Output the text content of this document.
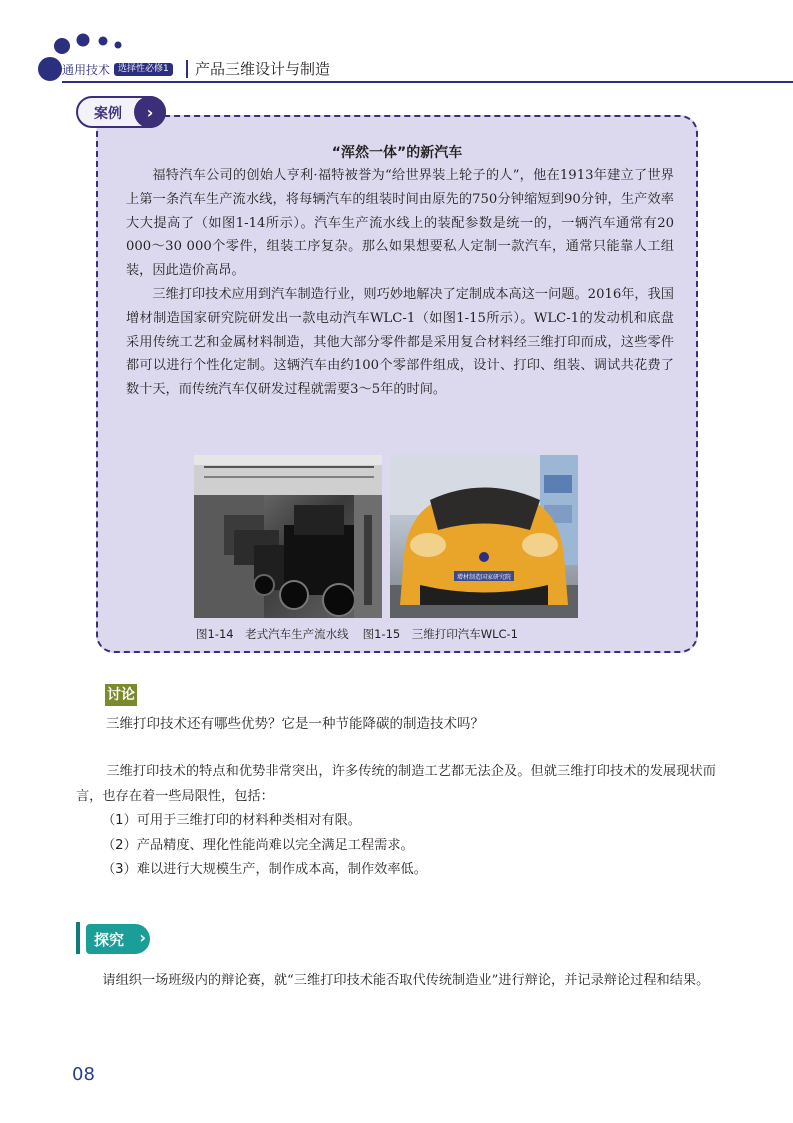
通用技术 选择性必修1 产品三维设计与制造
案例	›
“浑然一体”的新汽车

福特汽车公司的创始人亨利·福特被誉为“给世界装上轮子的人”，他在1913年建立了世界上第一条汽车生产流水线，将每辆汽车的组装时间由原先的750分钟缩短到90分钟，生产效率大大提高了（如图1-14所示）。汽车生产流水线上的装配参数是统一的，一辆汽车通常有20 000～30 000个零件，组装工序复杂。那么如果想要私人定制一款汽车，通常只能靠人工组装，因此造价高昂。

三维打印技术应用到汽车制造行业，则巧妙地解决了定制成本高这一问题。2016年，我国增材制造国家研究院研发出一款电动汽车WLC-1（如图1-15所示）。WLC-1的发动机和底盘采用传统工艺和金属材料制造，其他大部分零件都是采用复合材料经三维打印而成，这些零件都可以进行个性化定制。这辆汽车由约100个零部件组成，设计、打印、组装、调试共花费了数十天，而传统汽车仅研发过程就需要3～5年的时间。

增材制造国家研究院
图1-14　老式汽车生产流水线 图1-15　三维打印汽车WLC-1
讨论
三维打印技术还有哪些优势？它是一种节能降碳的制造技术吗？

三维打印技术的特点和优势非常突出，许多传统的制造工艺都无法企及。但就三维打印技术的发展现状而言，也存在着一些局限性，包括：

（1）可用于三维打印的材料种类相对有限。

（2）产品精度、理化性能尚难以完全满足工程需求。

（3）难以进行大规模生产，制作成本高，制作效率低。

探究 ›

请组织一场班级内的辩论赛，就“三维打印技术能否取代传统制造业”进行辩论，并记录辩论过程和结果。

08
